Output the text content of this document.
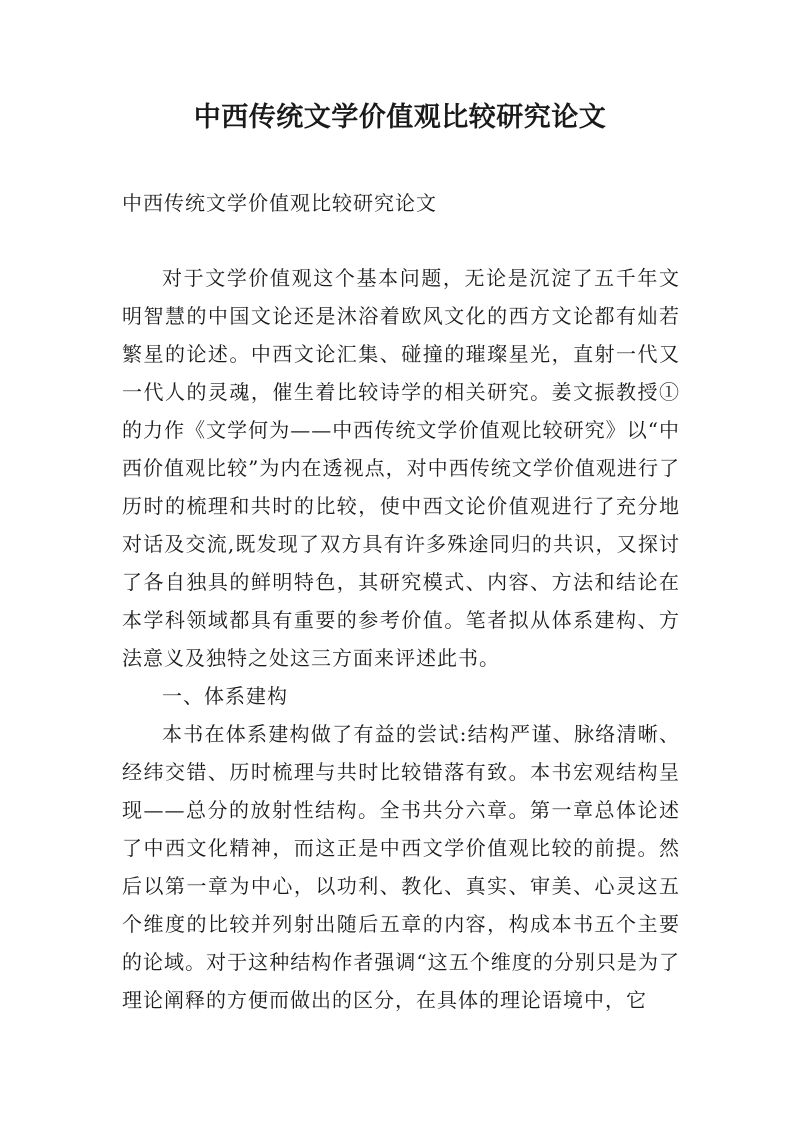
中西传统文学价值观比较研究论文
中西传统文学价值观比较研究论文

对于文学价值观这个基本问题，无论是沉淀了五千年文明智慧的中国文论还是沐浴着欧风文化的西方文论都有灿若繁星的论述。中西文论汇集、碰撞的璀璨星光，直射一代又一代人的灵魂，催生着比较诗学的相关研究。姜文振教授①的力作《文学何为——中西传统文学价值观比较研究》以“中西价值观比较”为内在透视点，对中西传统文学价值观进行了历时的梳理和共时的比较，使中西文论价值观进行了充分地对话及交流,既发现了双方具有许多殊途同归的共识，又探讨了各自独具的鲜明特色，其研究模式、内容、方法和结论在本学科领域都具有重要的参考价值。笔者拟从体系建构、方法意义及独特之处这三方面来评述此书。

一、体系建构

本书在体系建构做了有益的尝试:结构严谨、脉络清晰、经纬交错、历时梳理与共时比较错落有致。本书宏观结构呈现——总分的放射性结构。全书共分六章。第一章总体论述了中西文化精神，而这正是中西文学价值观比较的前提。然后以第一章为中心，以功利、教化、真实、审美、心灵这五个维度的比较并列射出随后五章的内容，构成本书五个主要的论域。对于这种结构作者强调“这五个维度的分别只是为了理论阐释的方便而做出的区分，在具体的理论语境中，它
